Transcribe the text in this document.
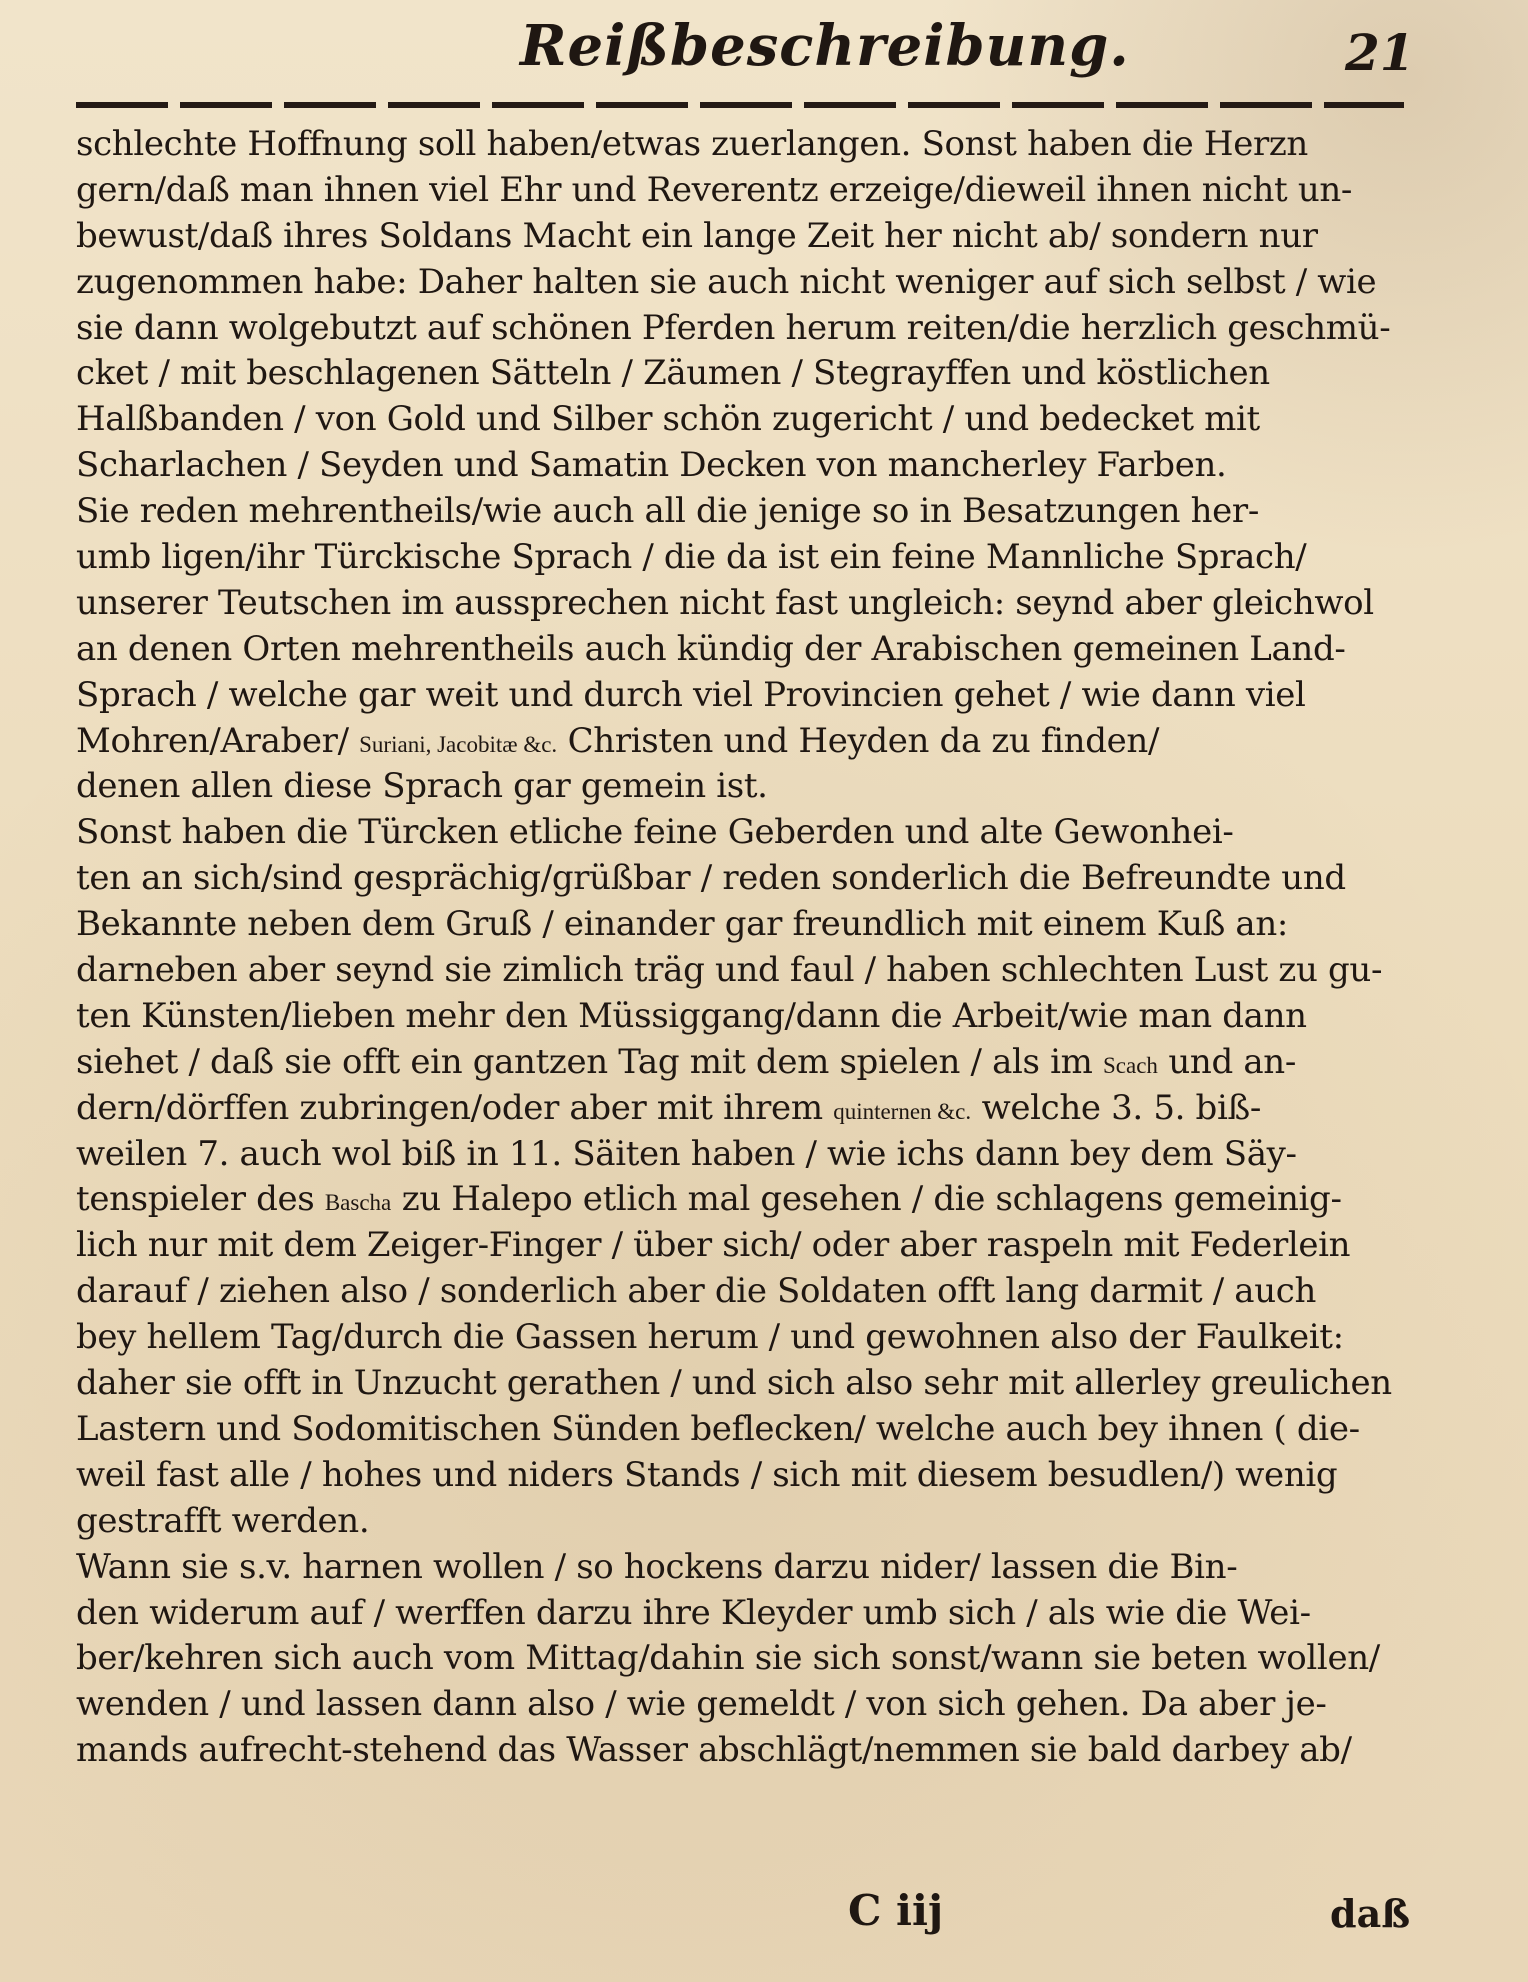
Reißbeschreibung.	21
schlechte Hoffnung soll haben/etwas zuerlangen. Sonst haben die Herzn
gern/daß man ihnen viel Ehr und Reverentz erzeige/dieweil ihnen nicht un-
bewust/daß ihres Soldans Macht ein lange Zeit her nicht ab/ sondern nur
zugenommen habe: Daher halten sie auch nicht weniger auf sich selbst / wie
sie dann wolgebutzt auf schönen Pferden herum reiten/die herzlich geschmü-
cket / mit beschlagenen Sätteln / Zäumen / Stegrayffen und köstlichen
Halßbanden / von Gold und Silber schön zugericht / und bedecket mit
Scharlachen / Seyden und Samatin Decken von mancherley Farben.
Sie reden mehrentheils/wie auch all die jenige so in Besatzungen her-
umb ligen/ihr Türckische Sprach / die da ist ein feine Mannliche Sprach/
unserer Teutschen im aussprechen nicht fast ungleich: seynd aber gleichwol
an denen Orten mehrentheils auch kündig der Arabischen gemeinen Land-
Sprach / welche gar weit und durch viel Provincien gehet / wie dann viel
Mohren/Araber/ Suriani, Jacobitæ &c. Christen und Heyden da zu finden/
denen allen diese Sprach gar gemein ist.
Sonst haben die Türcken etliche feine Geberden und alte Gewonhei-
ten an sich/sind gesprächig/grüßbar / reden sonderlich die Befreundte und
Bekannte neben dem Gruß / einander gar freundlich mit einem Kuß an:
darneben aber seynd sie zimlich träg und faul / haben schlechten Lust zu gu-
ten Künsten/lieben mehr den Müssiggang/dann die Arbeit/wie man dann
siehet / daß sie offt ein gantzen Tag mit dem spielen / als im Scach und an-
dern/dörffen zubringen/oder aber mit ihrem quinternen &c. welche 3. 5. biß-
weilen 7. auch wol biß in 11. Säiten haben / wie ichs dann bey dem Säy-
tenspieler des Bascha zu Halepo etlich mal gesehen / die schlagens gemeinig-
lich nur mit dem Zeiger-Finger / über sich/ oder aber raspeln mit Federlein
darauf / ziehen also / sonderlich aber die Soldaten offt lang darmit / auch
bey hellem Tag/durch die Gassen herum / und gewohnen also der Faulkeit:
daher sie offt in Unzucht gerathen / und sich also sehr mit allerley greulichen
Lastern und Sodomitischen Sünden beflecken/ welche auch bey ihnen ( die-
weil fast alle / hohes und niders Stands / sich mit diesem besudlen/) wenig
gestrafft werden.
Wann sie s.v. harnen wollen / so hockens darzu nider/ lassen die Bin-
den widerum auf / werffen darzu ihre Kleyder umb sich / als wie die Wei-
ber/kehren sich auch vom Mittag/dahin sie sich sonst/wann sie beten wollen/
wenden / und lassen dann also / wie gemeldt / von sich gehen. Da aber je-
mands aufrecht-stehend das Wasser abschlägt/nemmen sie bald darbey ab/
C iij	daß
